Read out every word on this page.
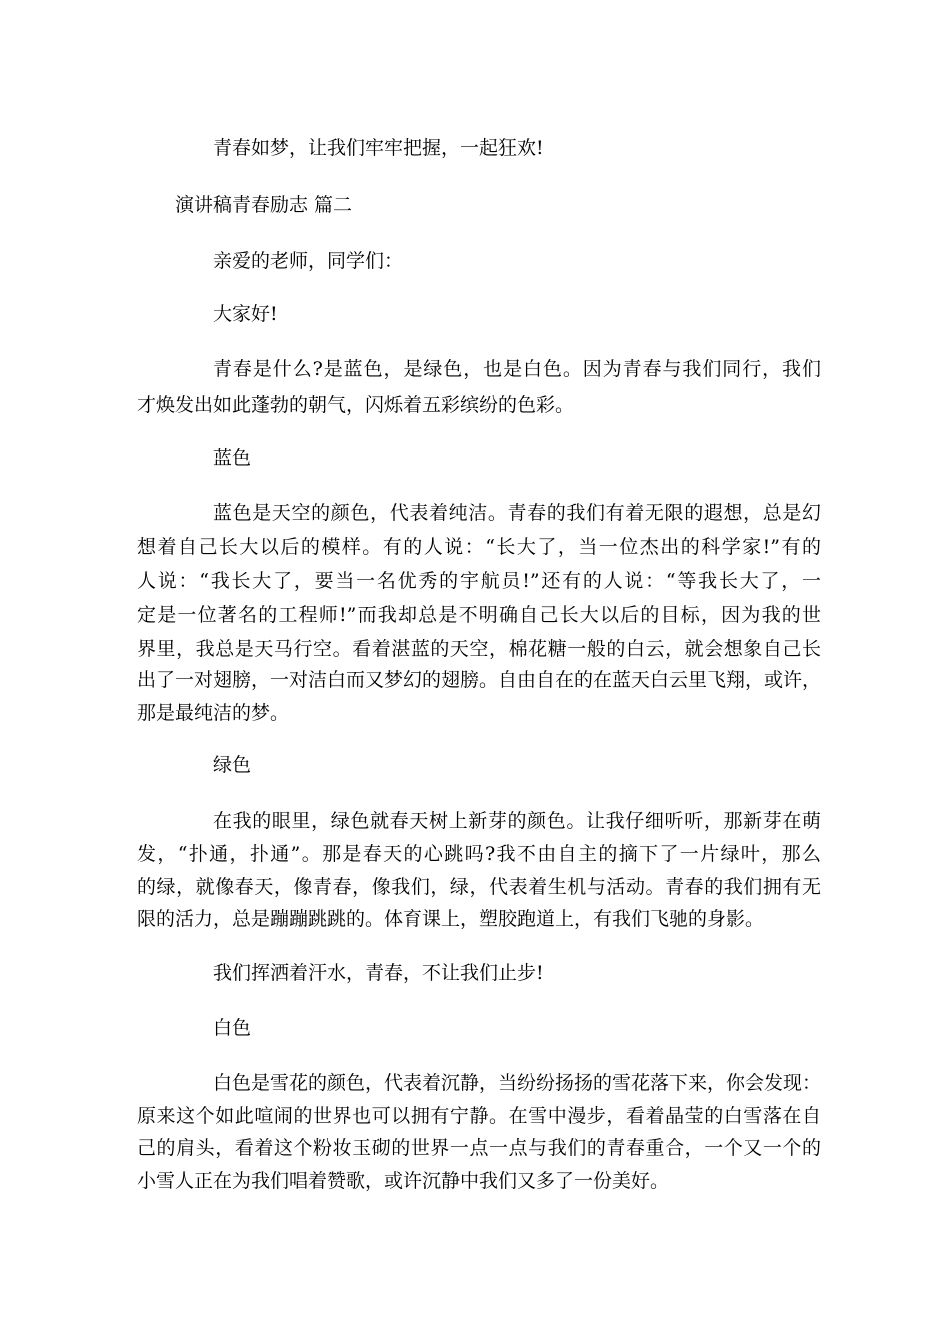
青春如梦，让我们牢牢把握，一起狂欢!
演讲稿青春励志 篇二
亲爱的老师，同学们：
大家好!
青春是什么?是蓝色，是绿色，也是白色。因为青春与我们同行，我们
才焕发出如此蓬勃的朝气，闪烁着五彩缤纷的色彩。
蓝色
蓝色是天空的颜色，代表着纯洁。青春的我们有着无限的遐想，总是幻
想着自己长大以后的模样。有的人说：“长大了，当一位杰出的科学家!”有的
人说：“我长大了，要当一名优秀的宇航员!”还有的人说：“等我长大了，一
定是一位著名的工程师!”而我却总是不明确自己长大以后的目标，因为我的世
界里，我总是天马行空。看着湛蓝的天空，棉花糖一般的白云，就会想象自己长
出了一对翅膀，一对洁白而又梦幻的翅膀。自由自在的在蓝天白云里飞翔，或许，
那是最纯洁的梦。
绿色
在我的眼里，绿色就春天树上新芽的颜色。让我仔细听听，那新芽在萌
发，“扑通，扑通”。那是春天的心跳吗?我不由自主的摘下了一片绿叶，那么
的绿，就像春天，像青春，像我们，绿，代表着生机与活动。青春的我们拥有无
限的活力，总是蹦蹦跳跳的。体育课上，塑胶跑道上，有我们飞驰的身影。
我们挥洒着汗水，青春，不让我们止步!
白色
白色是雪花的颜色，代表着沉静，当纷纷扬扬的雪花落下来，你会发现：
原来这个如此喧闹的世界也可以拥有宁静。在雪中漫步，看着晶莹的白雪落在自
己的肩头，看着这个粉妆玉砌的世界一点一点与我们的青春重合，一个又一个的
小雪人正在为我们唱着赞歌，或许沉静中我们又多了一份美好。
